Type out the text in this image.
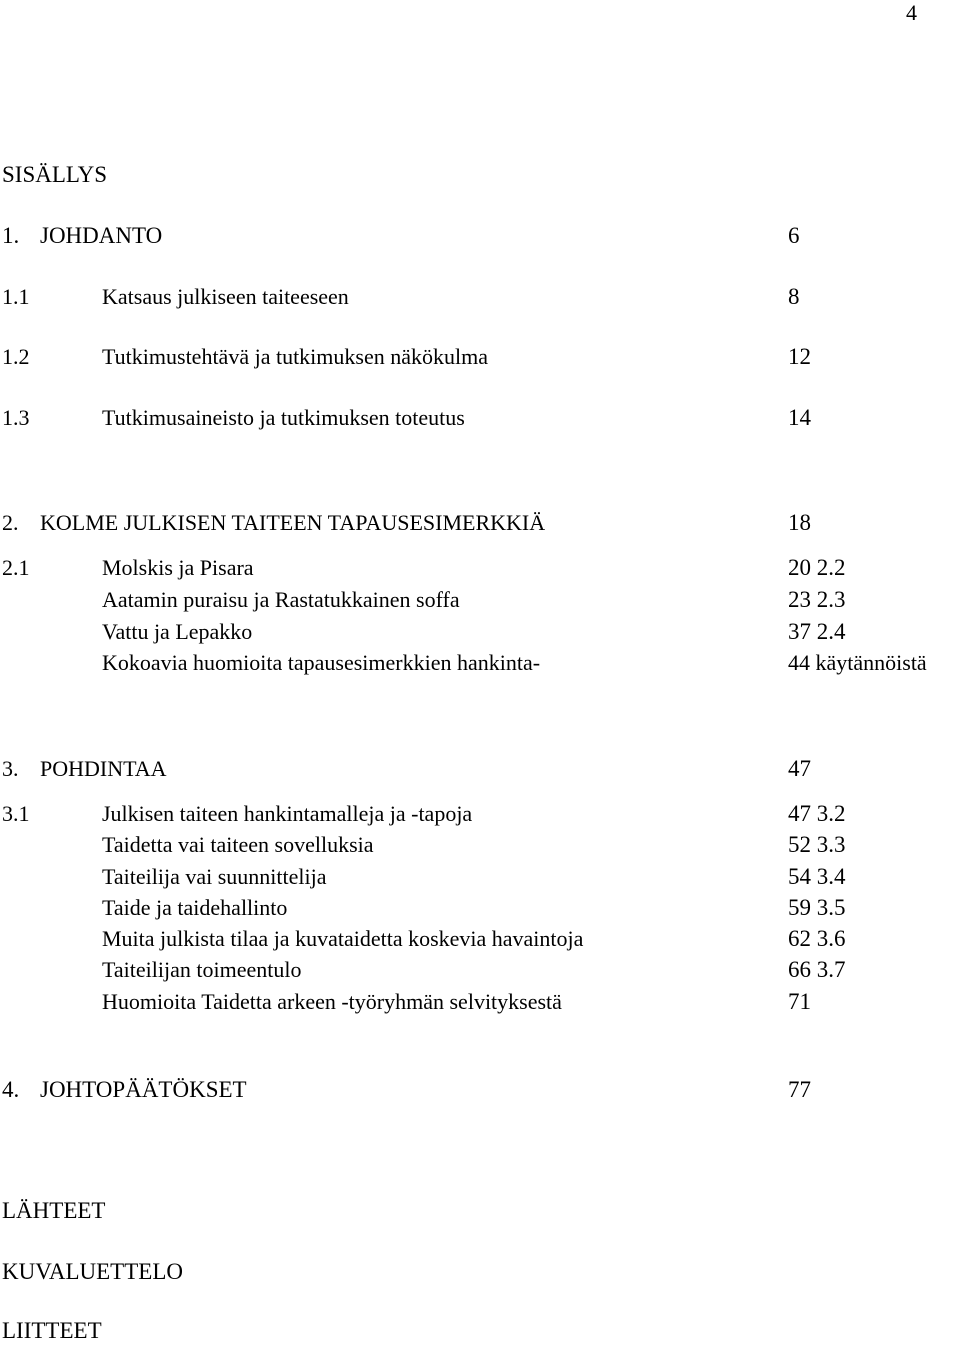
4
SISÄLLYS
1. JOHDANTO	6
1.1	Katsaus julkiseen taiteeseen	8
1.2	Tutkimustehtävä ja tutkimuksen näkökulma	12
1.3	Tutkimusaineisto ja tutkimuksen toteutus	14
2. KOLME JULKISEN TAITEEN TAPAUSESIMERKKIÄ	18
2.1	Molskis ja Pisara	20 2.2
Aatamin puraisu ja Rastatukkainen soffa	23 2.3
Vattu ja Lepakko	37 2.4
Kokoavia huomioita tapausesimerkkien hankinta-	44 käytännöistä
3. POHDINTAA	47
3.1	Julkisen taiteen hankintamalleja ja -tapoja	47 3.2
Taidetta vai taiteen sovelluksia	52 3.3
Taiteilija vai suunnittelija	54 3.4
Taide ja taidehallinto	59 3.5
Muita julkista tilaa ja kuvataidetta koskevia havaintoja	62 3.6
Taiteilijan toimeentulo	66 3.7
Huomioita Taidetta arkeen -työryhmän selvityksestä	71
4. JOHTOPÄÄTÖKSET	77
LÄHTEET
KUVALUETTELO
LIITTEET
